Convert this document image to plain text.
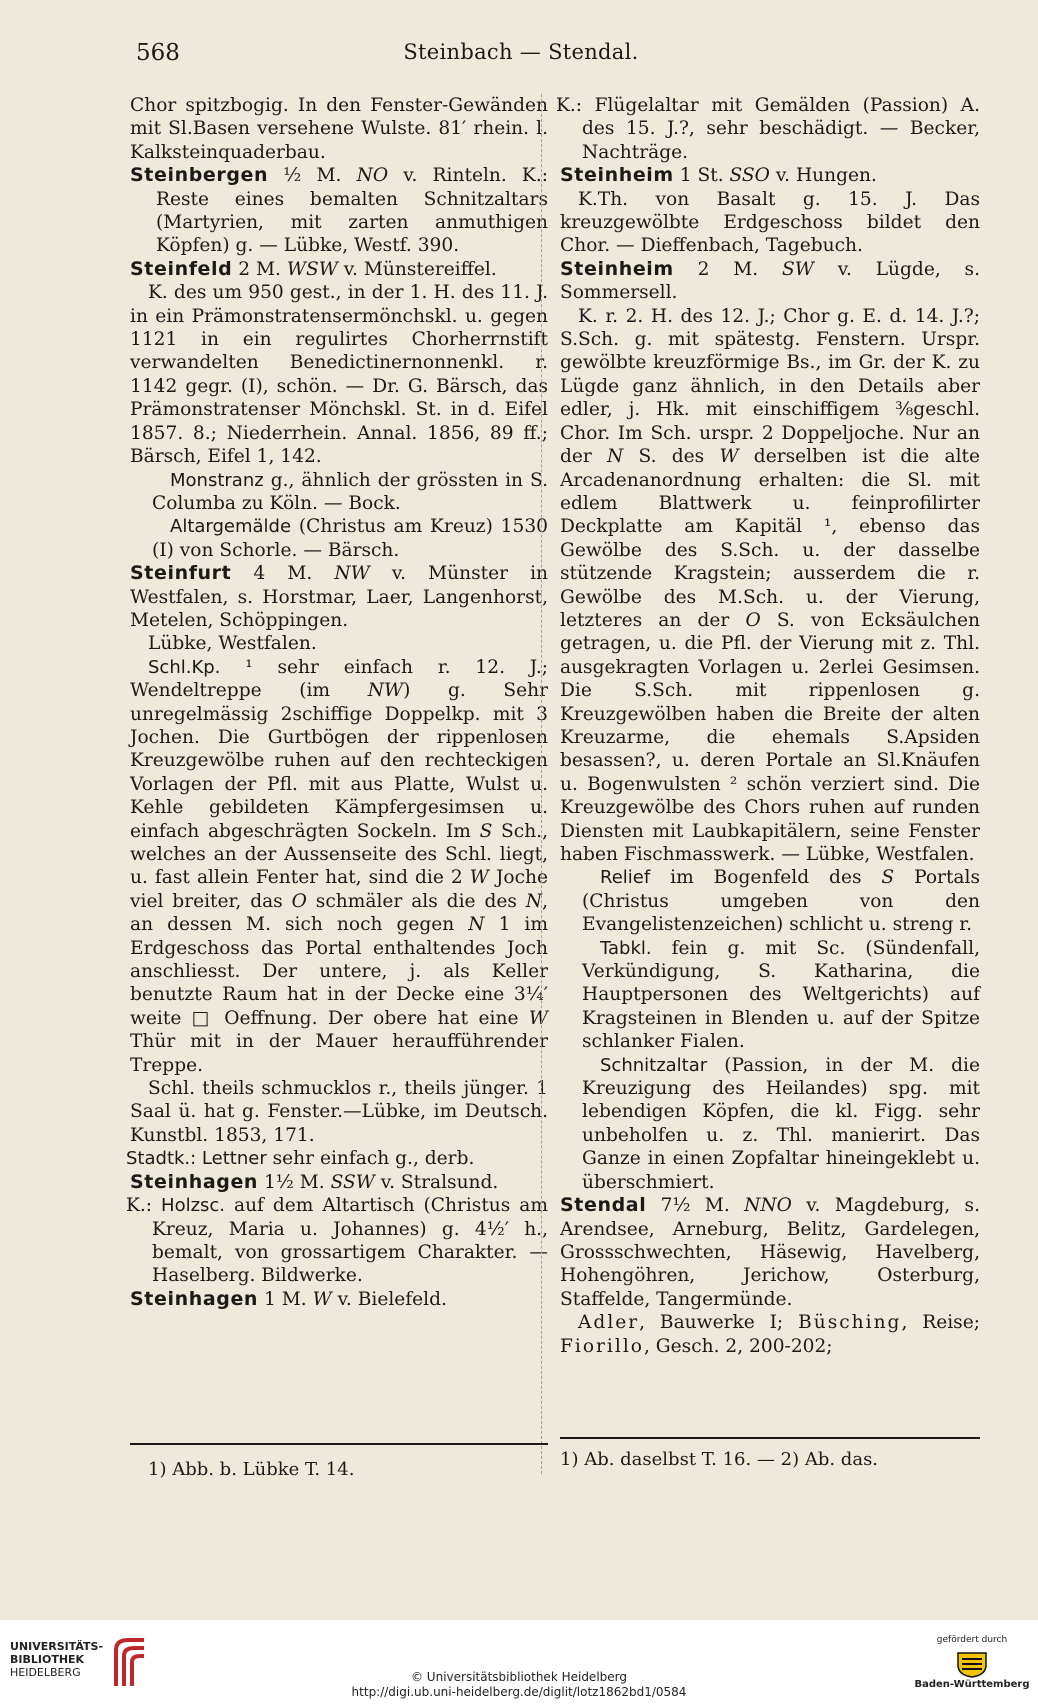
568	Steinbach — Stendal.

Chor spitzbogig. In den Fenster-Gewänden mit Sl.Basen versehene Wulste. 81′ rhein. l. Kalksteinquaderbau.

Steinbergen ½ M. NO v. Rinteln. K.: Reste eines bemalten Schnitzaltars (Martyrien, mit zarten anmuthigen Köpfen) g. — Lübke, Westf. 390.

Steinfeld 2 M. WSW v. Münstereiffel.

K. des um 950 gest., in der 1. H. des 11. J. in ein Prämonstratensermönchskl. u. gegen 1121 in ein regulirtes Chorherrnstift verwandelten Benedictinernonnenkl. r. 1142 gegr. (I), schön. — Dr. G. Bärsch, das Prämonstratenser Mönchskl. St. in d. Eifel 1857. 8.; Niederrhein. Annal. 1856, 89 ff.; Bärsch, Eifel 1, 142.

Monstranz g., ähnlich der grössten in S. Columba zu Köln. — Bock.

Altargemälde (Christus am Kreuz) 1530 (I) von Schorle. — Bärsch.

Steinfurt 4 M. NW v. Münster in Westfalen, s. Horstmar, Laer, Langenhorst, Metelen, Schöppingen.

Lübke, Westfalen.

Schl.Kp. ¹ sehr einfach r. 12. J.; Wendeltreppe (im NW) g. Sehr unregelmässig 2schiffige Doppelkp. mit 3 Jochen. Die Gurtbögen der rippenlosen Kreuzgewölbe ruhen auf den rechteckigen Vorlagen der Pfl. mit aus Platte, Wulst u. Kehle gebildeten Kämpfergesimsen u. einfach abgeschrägten Sockeln. Im S Sch., welches an der Aussenseite des Schl. liegt, u. fast allein Fenter hat, sind die 2 W Joche viel breiter, das O schmäler als die des N, an dessen M. sich noch gegen N 1 im Erdgeschoss das Portal enthaltendes Joch anschliesst. Der untere, j. als Keller benutzte Raum hat in der Decke eine 3¼′ weite □ Oeffnung. Der obere hat eine W Thür mit in der Mauer heraufführender Treppe.

Schl. theils schmucklos r., theils jünger. 1 Saal ü. hat g. Fenster.—Lübke, im Deutsch. Kunstbl. 1853, 171.

Stadtk.: Lettner sehr einfach g., derb.

Steinhagen 1½ M. SSW v. Stralsund.

K.: Holzsc. auf dem Altartisch (Christus am Kreuz, Maria u. Johannes) g. 4½′ h., bemalt, von grossartigem Charakter. — Haselberg. Bildwerke.

Steinhagen 1 M. W v. Bielefeld.

K.: Flügelaltar mit Gemälden (Passion) A. des 15. J.?, sehr beschädigt. — Becker, Nachträge.

Steinheim 1 St. SSO v. Hungen.

K.Th. von Basalt g. 15. J. Das kreuzgewölbte Erdgeschoss bildet den Chor. — Dieffenbach, Tagebuch.

Steinheim 2 M. SW v. Lügde, s. Sommersell.

K. r. 2. H. des 12. J.; Chor g. E. d. 14. J.?; S.Sch. g. mit spätestg. Fenstern. Urspr. gewölbte kreuzförmige Bs., im Gr. der K. zu Lügde ganz ähnlich, in den Details aber edler, j. Hk. mit einschiffigem ⅜geschl. Chor. Im Sch. urspr. 2 Doppeljoche. Nur an der N S. des W derselben ist die alte Arcadenanordnung erhalten: die Sl. mit edlem Blattwerk u. feinprofilirter Deckplatte am Kapitäl ¹, ebenso das Gewölbe des S.Sch. u. der dasselbe stützende Kragstein; ausserdem die r. Gewölbe des M.Sch. u. der Vierung, letzteres an der O S. von Ecksäulchen getragen, u. die Pfl. der Vierung mit z. Thl. ausgekragten Vorlagen u. 2erlei Gesimsen. Die S.Sch. mit rippenlosen g. Kreuzgewölben haben die Breite der alten Kreuzarme, die ehemals S.Apsiden besassen?, u. deren Portale an Sl.Knäufen u. Bogenwulsten ² schön verziert sind. Die Kreuzgewölbe des Chors ruhen auf runden Diensten mit Laubkapitälern, seine Fenster haben Fischmasswerk. — Lübke, Westfalen.

Relief im Bogenfeld des S Portals (Christus umgeben von den Evangelistenzeichen) schlicht u. streng r.

Tabkl. fein g. mit Sc. (Sündenfall, Verkündigung, S. Katharina, die Hauptpersonen des Weltgerichts) auf Kragsteinen in Blenden u. auf der Spitze schlanker Fialen.

Schnitzaltar (Passion, in der M. die Kreuzigung des Heilandes) spg. mit lebendigen Köpfen, die kl. Figg. sehr unbeholfen u. z. Thl. manierirt. Das Ganze in einen Zopfaltar hineingeklebt u. überschmiert.

Stendal 7½ M. NNO v. Magdeburg, s. Arendsee, Arneburg, Belitz, Gardelegen, Grossschwechten, Häsewig, Havelberg, Hohengöhren, Jerichow, Osterburg, Staffelde, Tangermünde.

Adler, Bauwerke I; Büsching, Reise; Fiorillo, Gesch. 2, 200-202;

1) Abb. b. Lübke T. 14.	1) Ab. daselbst T. 16. — 2) Ab. das.
UNIVERSITÄTS-
BIBLIOTHEK
HEIDELBERG	© Universitätsbibliothek Heidelberg
http://digi.ub.uni-heidelberg.de/diglit/lotz1862bd1/0584
gefördert durch
Baden-Württemberg
